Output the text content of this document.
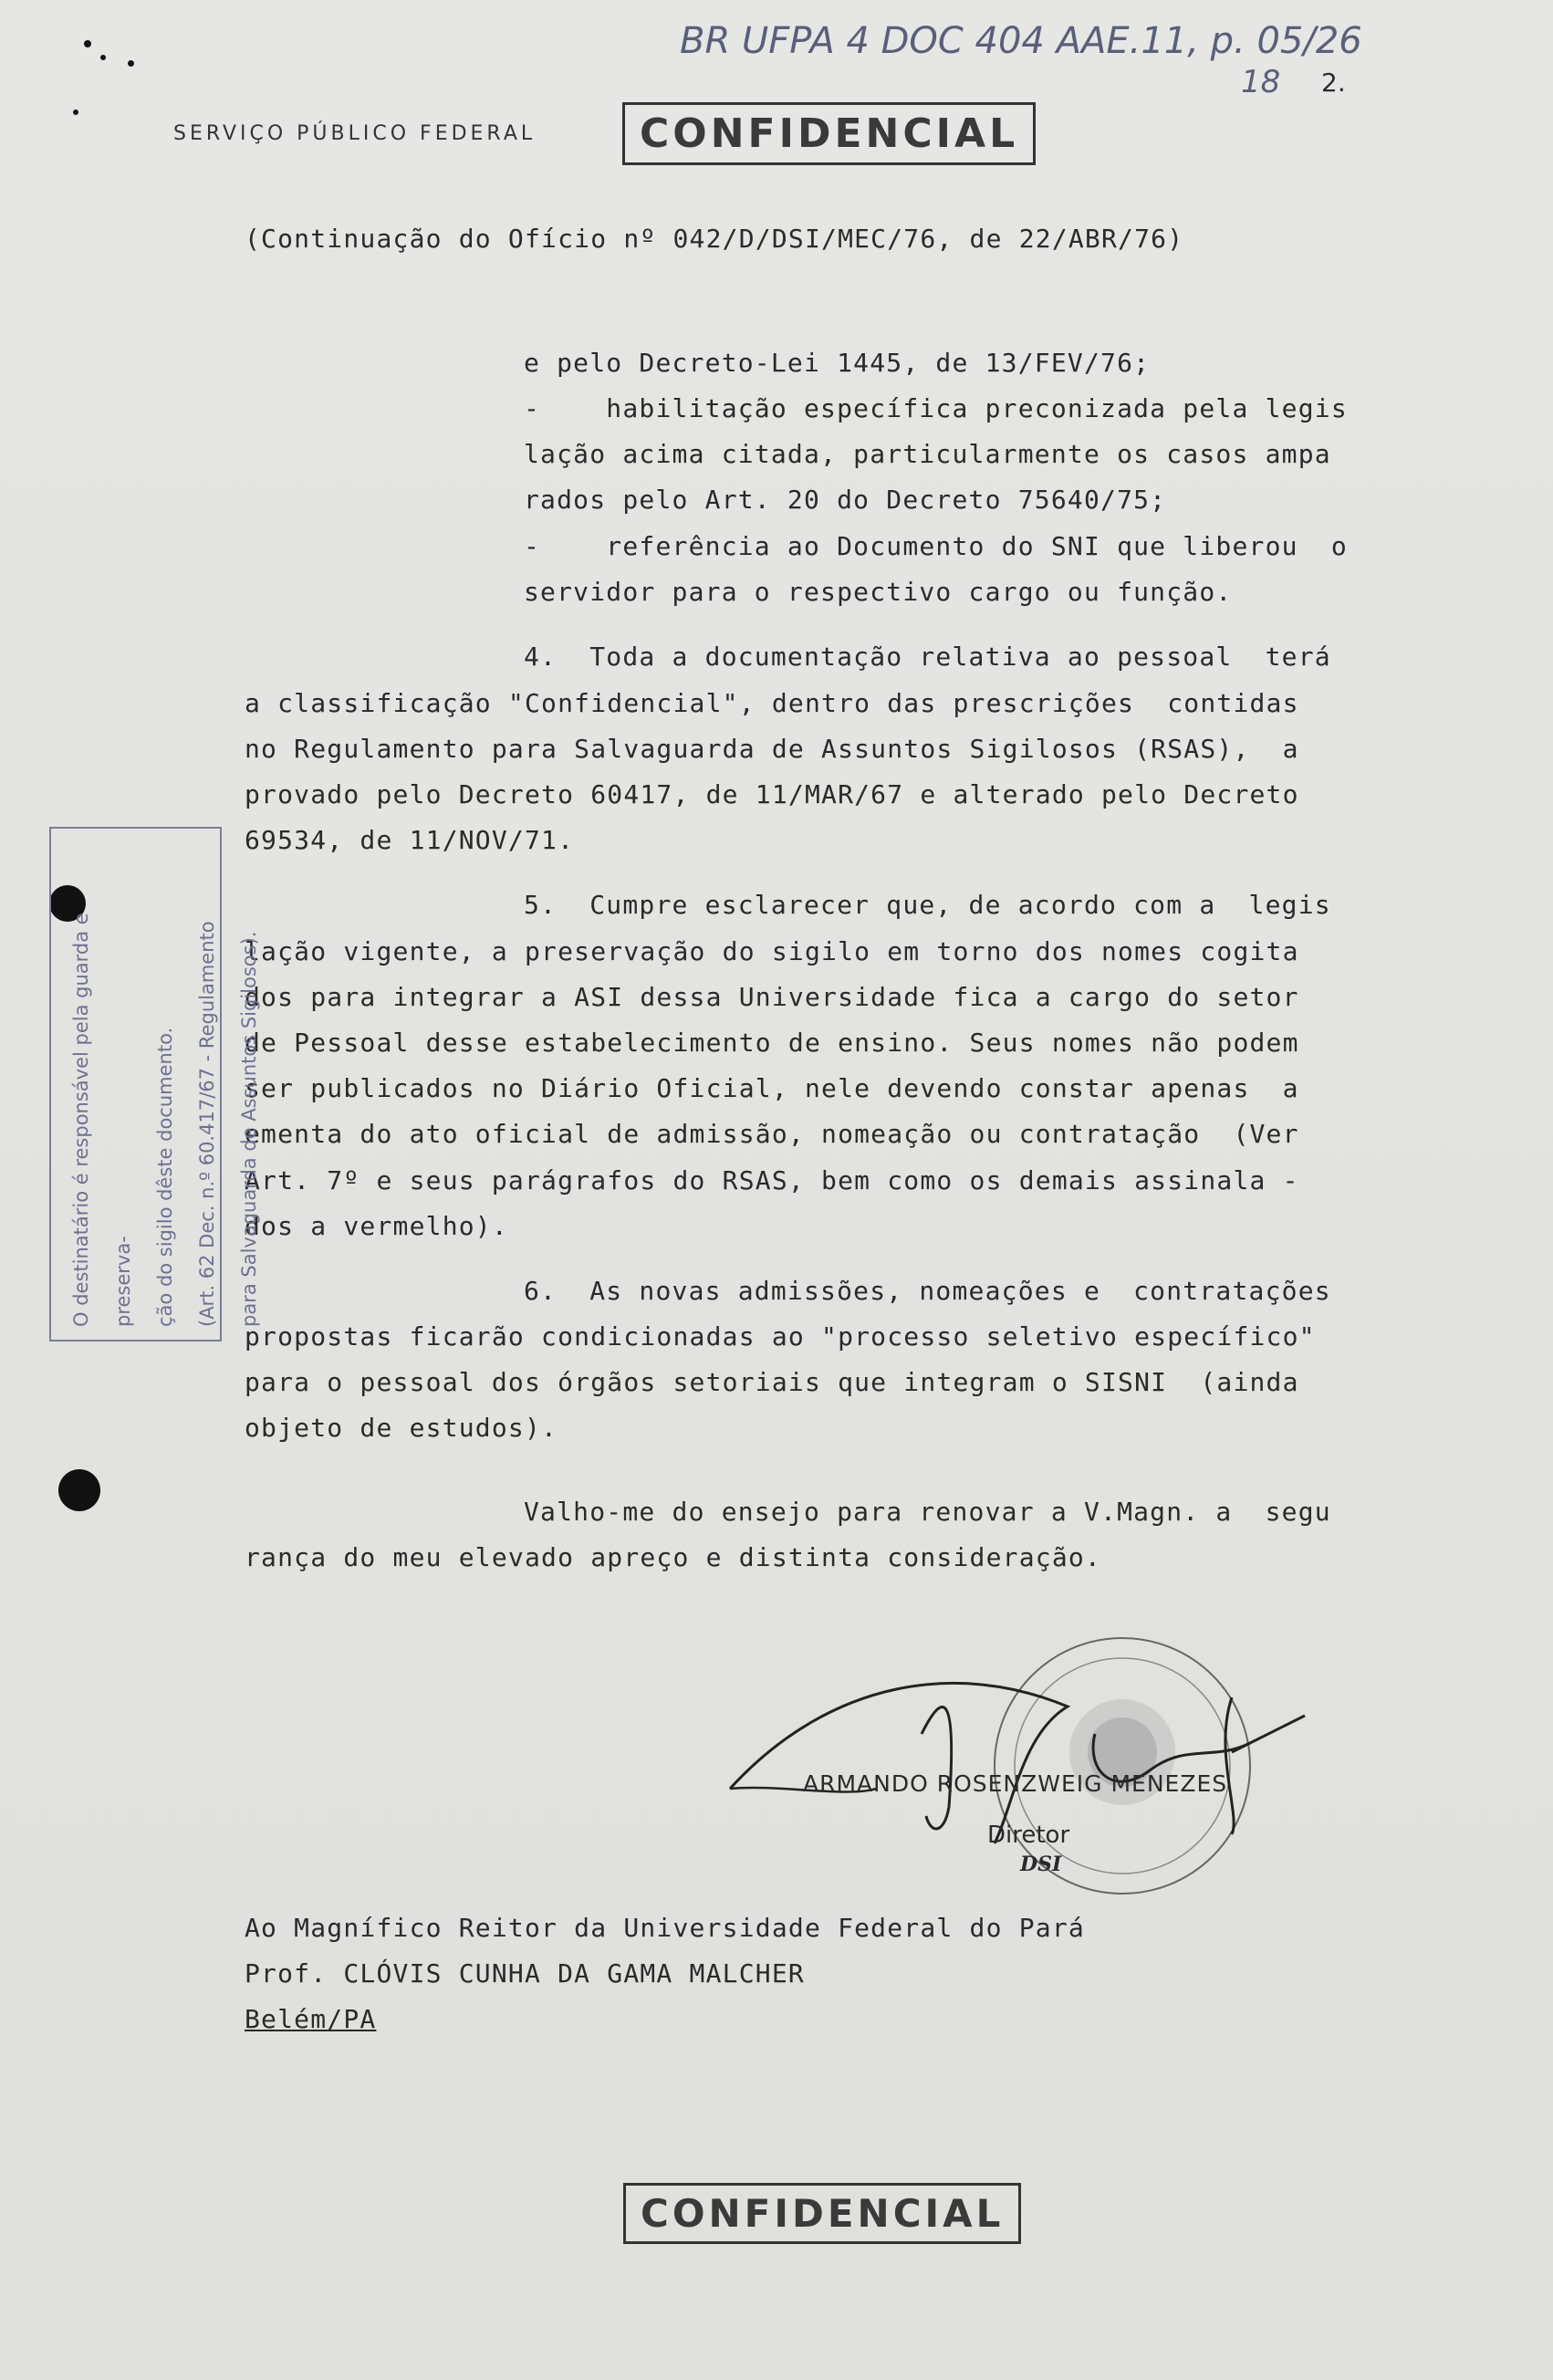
BR UFPA 4 DOC 404 AAE.11, p. 05/26
18 2.
SERVIÇO PÚBLICO FEDERAL	CONFIDENCIAL
(Continuação do Ofício nº 042/D/DSI/MEC/76, de 22/ABR/76)
e pelo Decreto-Lei 1445, de 13/FEV/76;
-    habilitação específica preconizada pela legis
lação acima citada, particularmente os casos ampa
rados pelo Art. 20 do Decreto 75640/75;
-    referência ao Documento do SNI que liberou  o
servidor para o respectivo cargo ou função.
4.  Toda a documentação relativa ao pessoal  terá
a classificação "Confidencial", dentro das prescrições  contidas
no Regulamento para Salvaguarda de Assuntos Sigilosos (RSAS),  a
provado pelo Decreto 60417, de 11/MAR/67 e alterado pelo Decreto
69534, de 11/NOV/71.
5.  Cumpre esclarecer que, de acordo com a  legis
lação vigente, a preservação do sigilo em torno dos nomes cogita
dos para integrar a ASI dessa Universidade fica a cargo do setor
de Pessoal desse estabelecimento de ensino. Seus nomes não podem
ser publicados no Diário Oficial, nele devendo constar apenas  a
ementa do ato oficial de admissão, nomeação ou contratação  (Ver
Art. 7º e seus parágrafos do RSAS, bem como os demais assinala -
dos a vermelho).
6.  As novas admissões, nomeações e  contratações
propostas ficarão condicionadas ao "processo seletivo específico"
para o pessoal dos órgãos setoriais que integram o SISNI  (ainda
objeto de estudos).
Valho-me do ensejo para renovar a V.Magn. a  segu
rança do meu elevado apreço e distinta consideração.
O destinatário é responsável pela guarda e preserva-	ção do sigilo dêste documento.	(Art. 62 Dec. n.º 60.417/67 - Regulamento	para Salvaguarda de Assuntos Sigilosos).
ARMANDO ROSENZWEIG MENEZES
Diretor
DSI
Ao Magnífico Reitor da Universidade Federal do Pará
Prof. CLÓVIS CUNHA DA GAMA MALCHER
Belém/PA
CONFIDENCIAL
